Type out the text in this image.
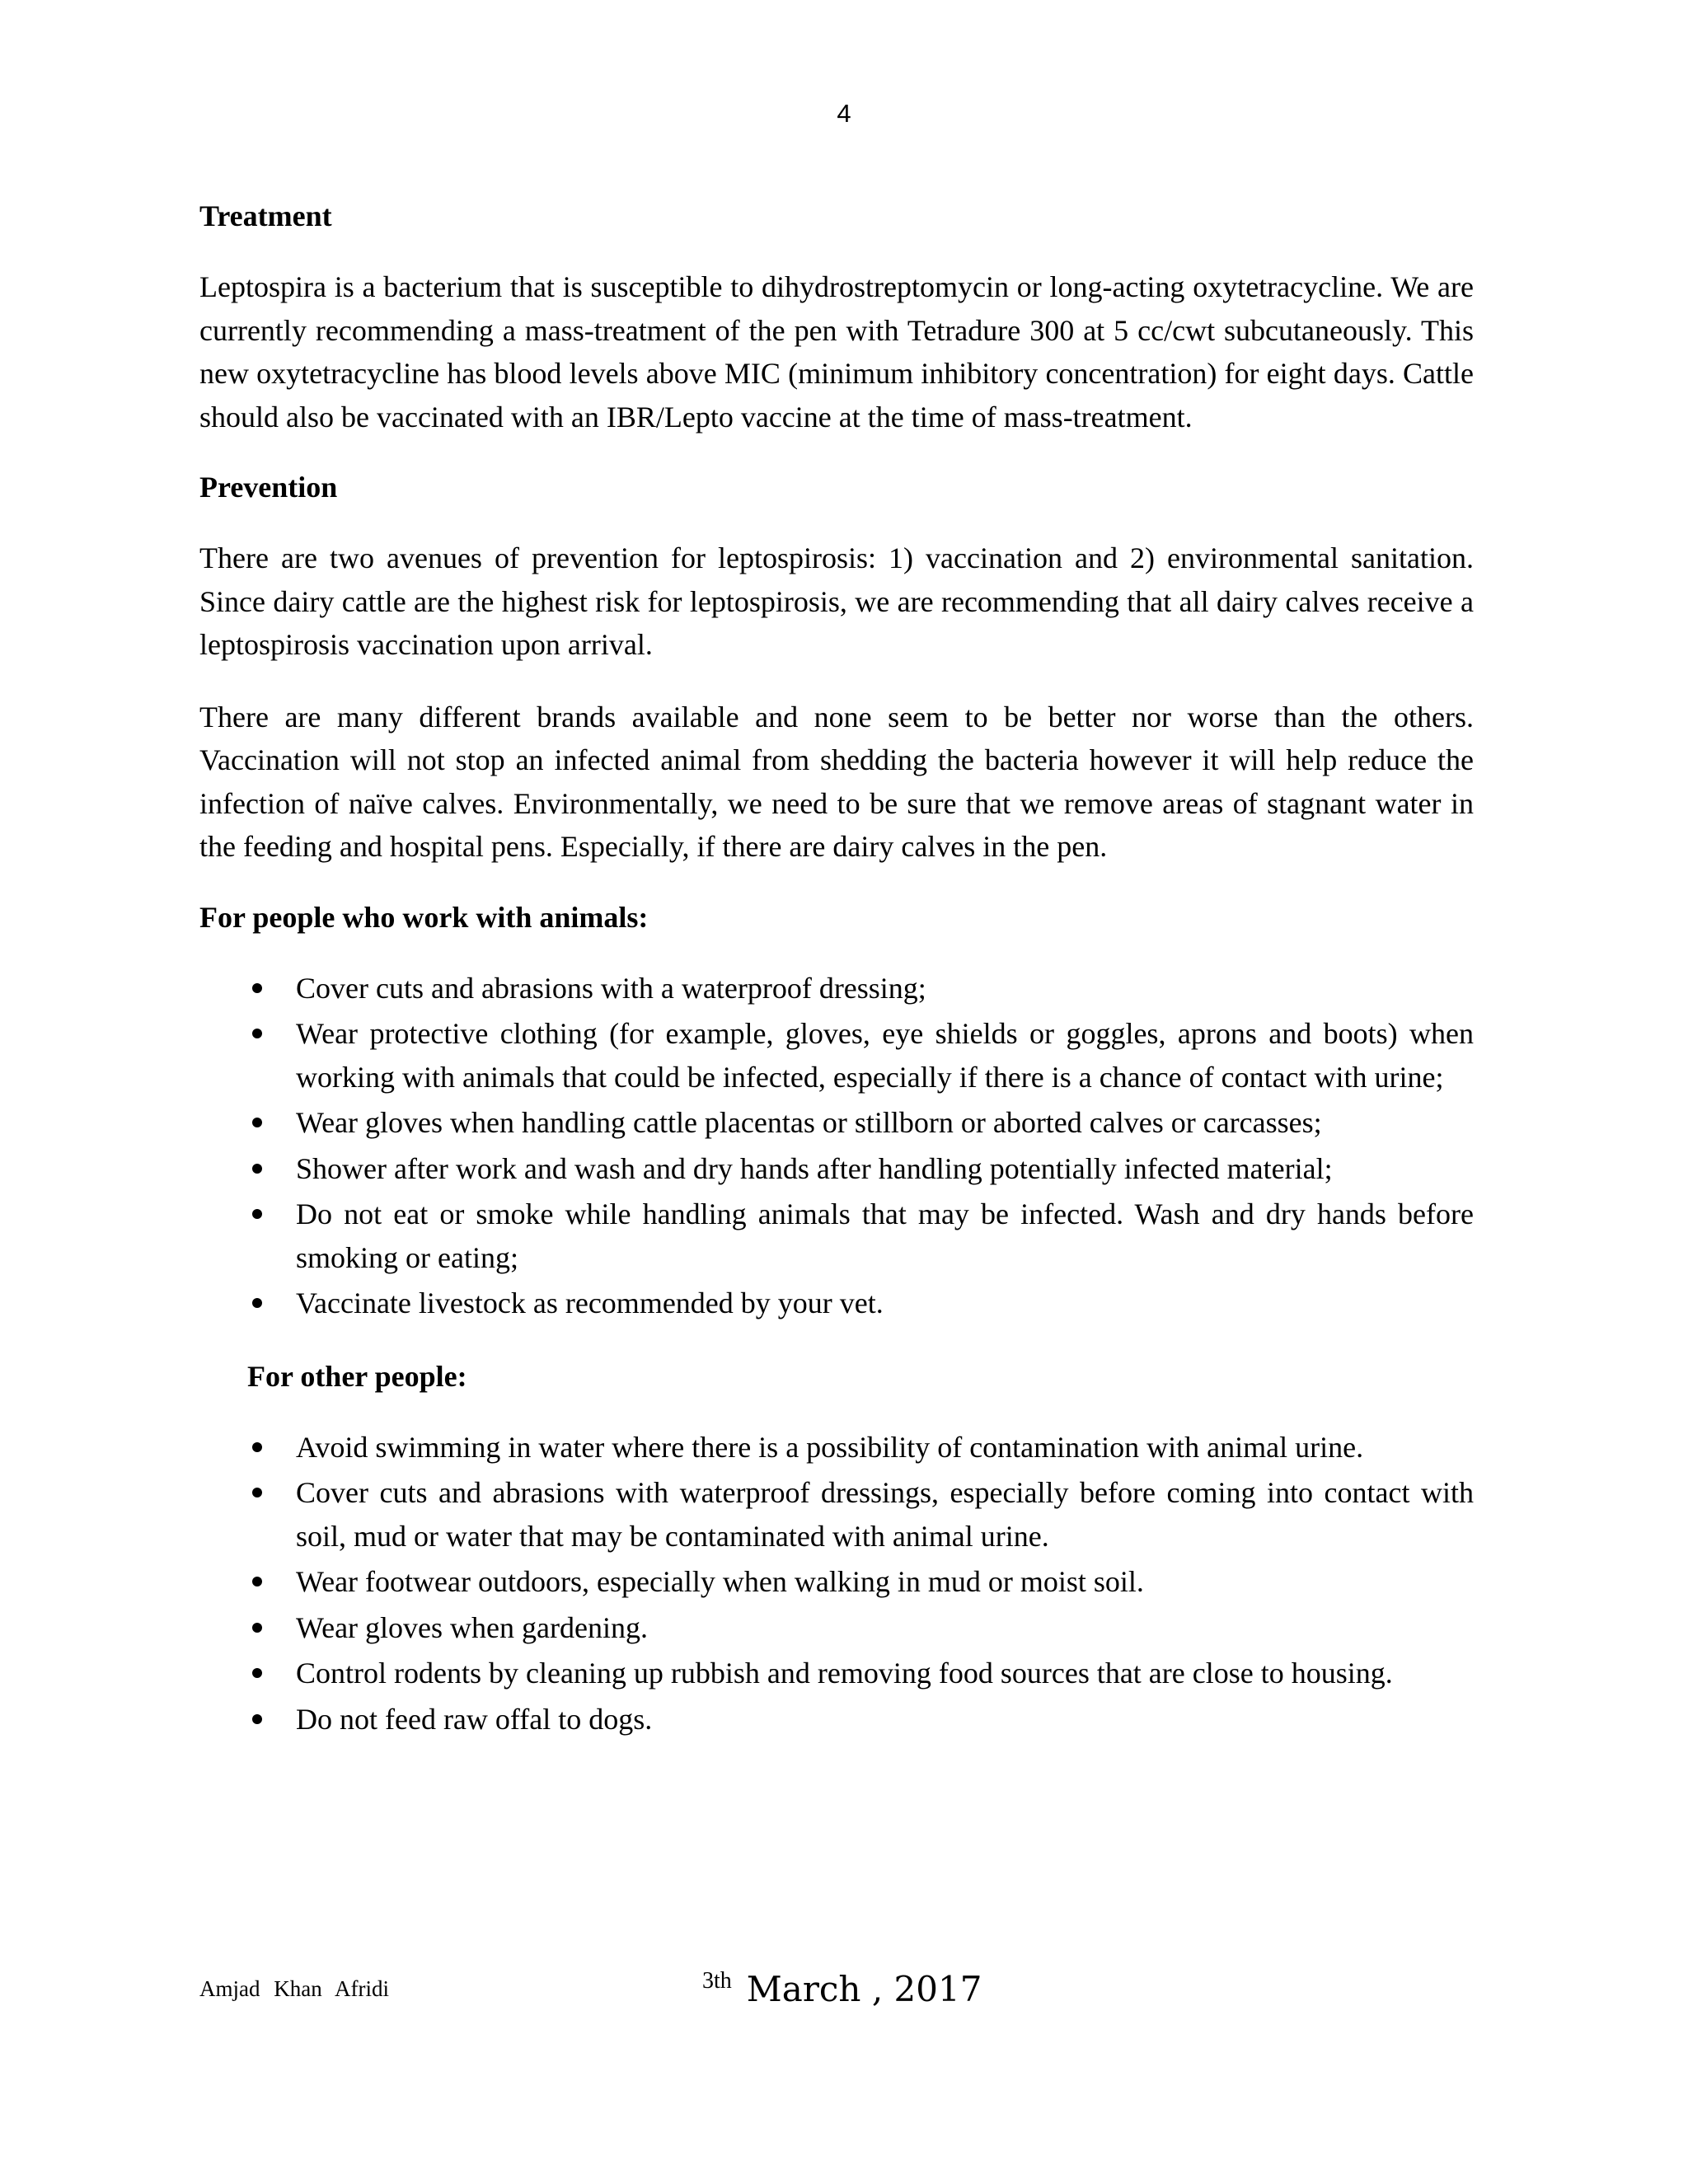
4
Treatment

Leptospira is a bacterium that is susceptible to dihydrostreptomycin or long-acting oxytetracycline. We are currently recommending a mass-treatment of the pen with Tetradure 300 at 5 cc/cwt subcutaneously. This new oxytetracycline has blood levels above MIC (minimum inhibitory concentration) for eight days. Cattle should also be vaccinated with an IBR/Lepto vaccine at the time of mass-treatment.

Prevention

There are two avenues of prevention for leptospirosis: 1) vaccination and 2) environmental sanitation. Since dairy cattle are the highest risk for leptospirosis, we are recommending that all dairy calves receive a leptospirosis vaccination upon arrival.

There are many different brands available and none seem to be better nor worse than the others. Vaccination will not stop an infected animal from shedding the bacteria however it will help reduce the infection of naïve calves. Environmentally, we need to be sure that we remove areas of stagnant water in the feeding and hospital pens. Especially, if there are dairy calves in the pen.

For people who work with animals:
Cover cuts and abrasions with a waterproof dressing;
Wear protective clothing (for example, gloves, eye shields or goggles, aprons and boots) when working with animals that could be infected, especially if there is a chance of contact with urine;
Wear gloves when handling cattle placentas or stillborn or aborted calves or carcasses;
Shower after work and wash and dry hands after handling potentially infected material;
Do not eat or smoke while handling animals that may be infected. Wash and dry hands before smoking or eating;
Vaccinate livestock as recommended by your vet.
For other people:
Avoid swimming in water where there is a possibility of contamination with animal urine.
Cover cuts and abrasions with waterproof dressings, especially before coming into contact with soil, mud or water that may be contaminated with animal urine.
Wear footwear outdoors, especially when walking in mud or moist soil.
Wear gloves when gardening.
Control rodents by cleaning up rubbish and removing food sources that are close to housing.
Do not feed raw offal to dogs.
Amjad Khan Afridi	3th March , 2017
